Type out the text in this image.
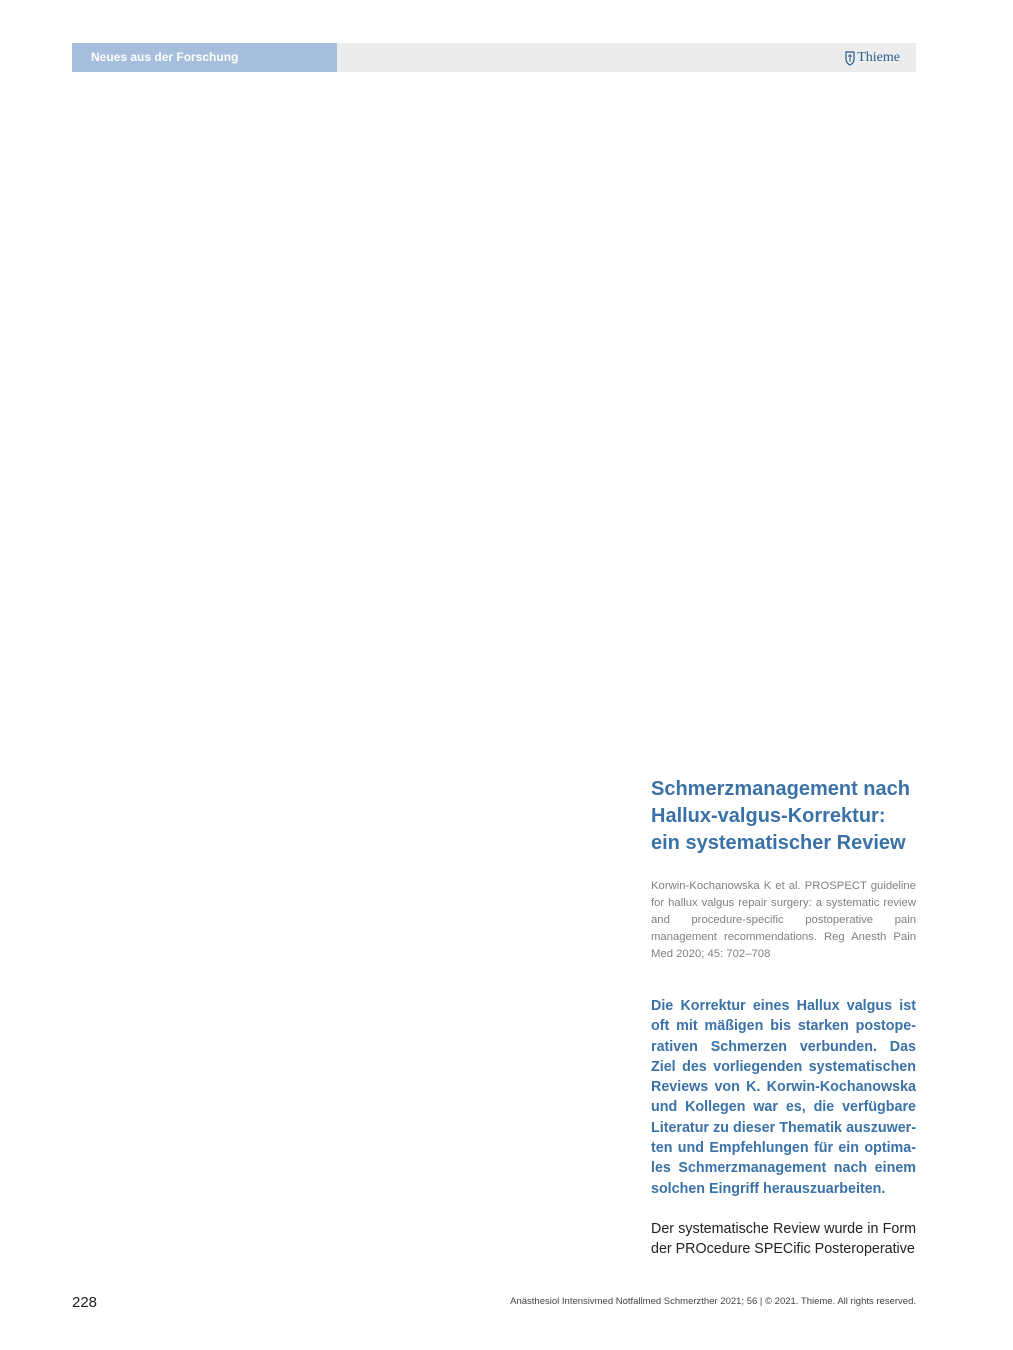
Neues aus der Forschung	Thieme
Schmerzmanagement nach
Hallux-valgus-Korrektur:
ein systematischer Review
Korwin-Kochanowska K et al. PROSPECT guideline for hallux valgus repair surgery: a systematic review and procedure-specific postoperative pain management recommendations. Reg Anesth Pain Med 2020; 45: 702–708
Die Korrektur eines Hallux valgus ist oft mit mäßigen bis starken postoperativen Schmerzen verbunden. Das Ziel des vorliegenden systematischen Reviews von K. Korwin-Kochanowska und Kollegen war es, die verfügbare Literatur zu dieser Thematik auszuwerten und Empfehlungen für ein optimales Schmerzmanagement nach einem solchen Eingriff herauszuarbeiten.
Der systematische Review wurde in Form der PROcedure SPECific Posteroperative
228	Anästhesiol Intensivmed Notfallmed Schmerzther 2021; 56 | © 2021. Thieme. All rights reserved.
